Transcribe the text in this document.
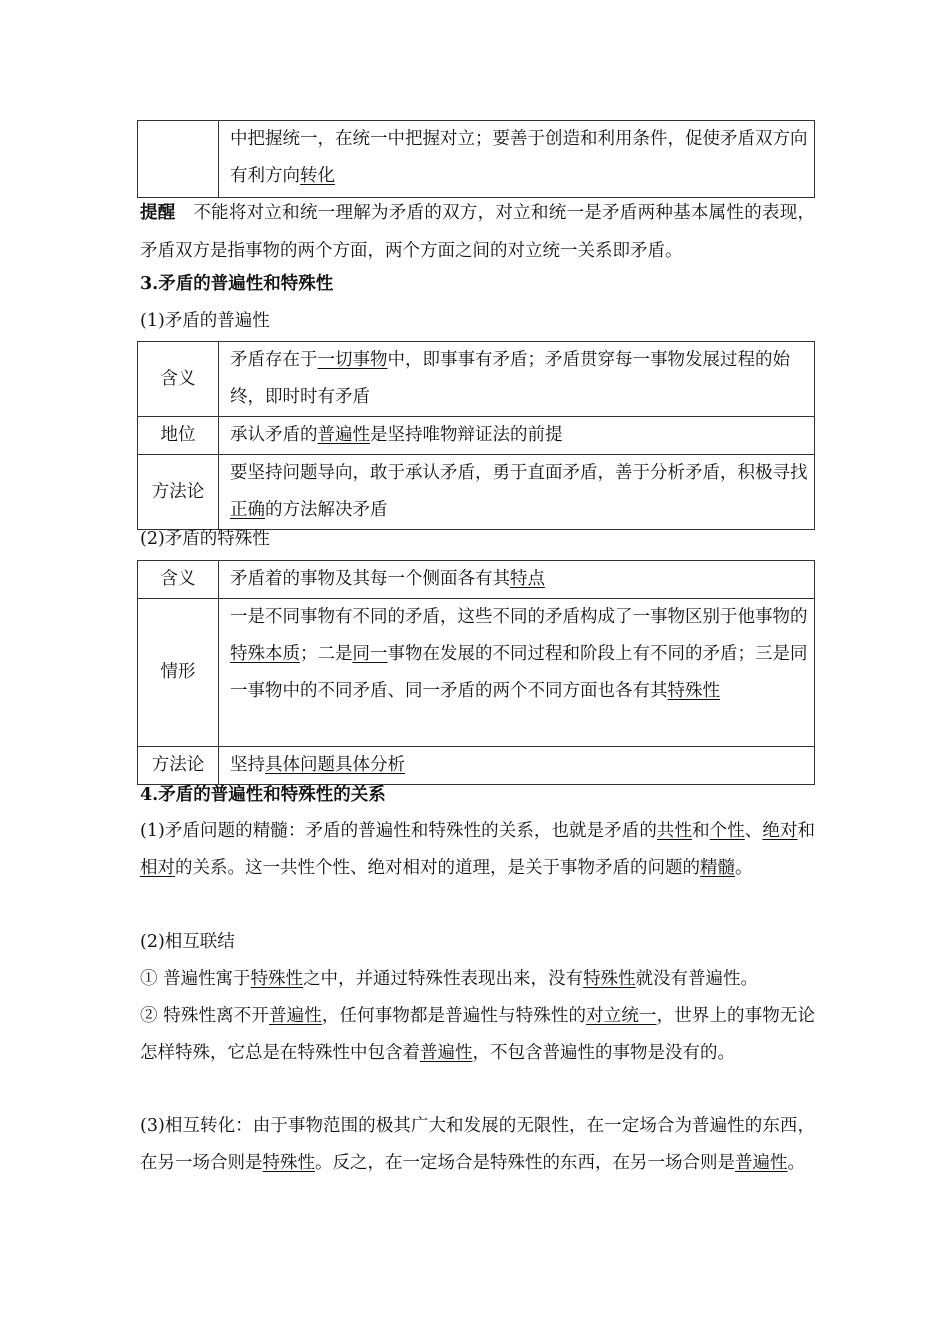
	中把握统一，在统一中把握对立；要善于创造和利用条件，促使矛盾双方向有利方向转化
提醒　不能将对立和统一理解为矛盾的双方，对立和统一是矛盾两种基本属性的表现，矛盾双方是指事物的两个方面，两个方面之间的对立统一关系即矛盾。
3.矛盾的普遍性和特殊性
(1)矛盾的普遍性
含义	矛盾存在于一切事物中，即事事有矛盾；矛盾贯穿每一事物发展过程的始终，即时时有矛盾
地位	承认矛盾的普遍性是坚持唯物辩证法的前提
方法论	要坚持问题导向，敢于承认矛盾，勇于直面矛盾，善于分析矛盾，积极寻找正确的方法解决矛盾
(2)矛盾的特殊性
含义	矛盾着的事物及其每一个侧面各有其特点
情形	一是不同事物有不同的矛盾，这些不同的矛盾构成了一事物区别于他事物的特殊本质；二是同一事物在发展的不同过程和阶段上有不同的矛盾；三是同一事物中的不同矛盾、同一矛盾的两个不同方面也各有其特殊性
方法论	坚持具体问题具体分析
4.矛盾的普遍性和特殊性的关系
(1)矛盾问题的精髓：矛盾的普遍性和特殊性的关系，也就是矛盾的共性和个性、绝对和相对的关系。这一共性个性、绝对相对的道理，是关于事物矛盾的问题的精髓。
(2)相互联结
① 普遍性寓于特殊性之中，并通过特殊性表现出来，没有特殊性就没有普遍性。
② 特殊性离不开普遍性，任何事物都是普遍性与特殊性的对立统一，世界上的事物无论怎样特殊，它总是在特殊性中包含着普遍性，不包含普遍性的事物是没有的。
(3)相互转化：由于事物范围的极其广大和发展的无限性，在一定场合为普遍性的东西，在另一场合则是特殊性。反之，在一定场合是特殊性的东西，在另一场合则是普遍性。
